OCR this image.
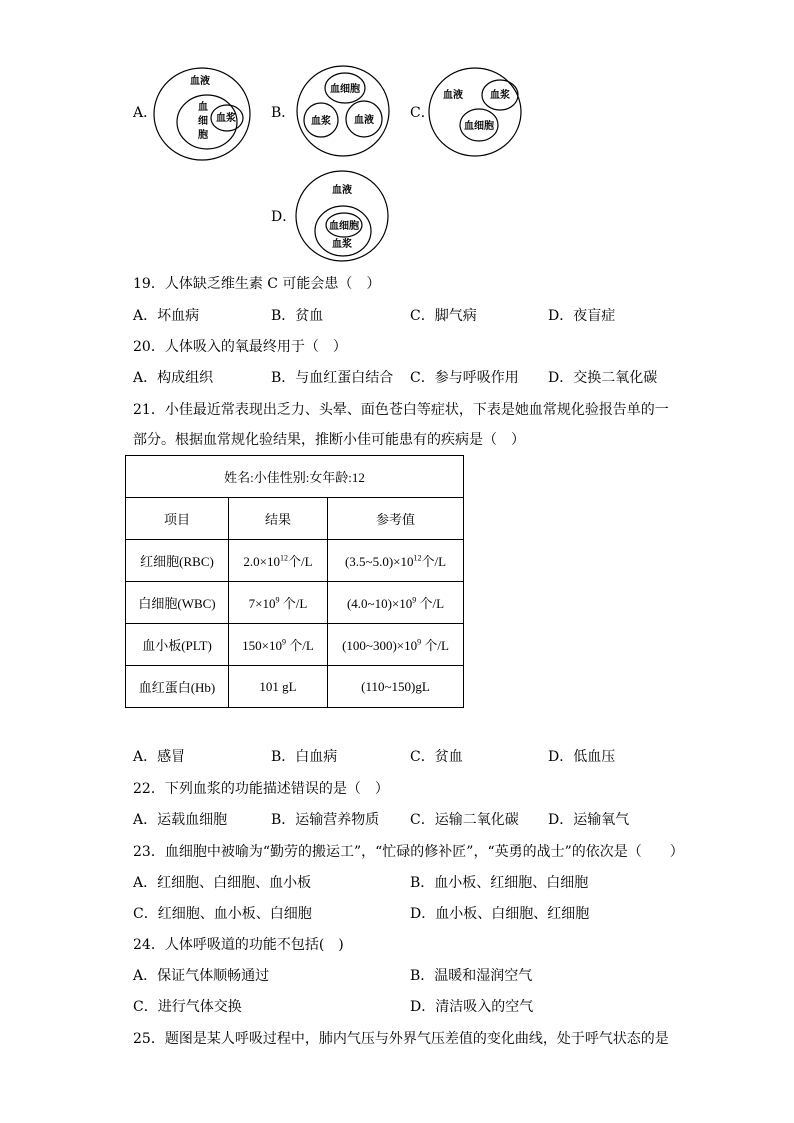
A．	B．	C．
D．
血液
血
细
胞
血浆
血细胞
血浆 血液
血液	血浆
血细胞
血液
血细胞
血浆
19．人体缺乏维生素 C 可能会患（　）
A．坏血病	B．贫血	C．脚气病	D．夜盲症
20．人体吸入的氧最终用于（　）
A．构成组织	B．与血红蛋白结合 C．参与呼吸作用 D．交换二氧化碳
21．小佳最近常表现出乏力、头晕、面色苍白等症状，下表是她血常规化验报告单的一
部分。根据血常规化验结果，推断小佳可能患有的疾病是（　）
姓名:小佳性别:女年龄:12		
项目	结果	参考值
红细胞(RBC)	$2.0\times 10^{12}$个/L	$(3.5\sim 5.0)\times 10^{12}$个/L
白细胞(WBC)	$7\times 10^9$ 个/L	$(4.0\sim 10)\times 10^9$ 个/L
血小板(PLT)	$150\times 10^9$ 个/L	$(100\sim 300)\times 10^9$ 个/L
血红蛋白(Hb)	101 gL	(110~150)gL
A．感冒	B．白血病	C．贫血	D．低血压
22．下列血浆的功能描述错误的是（　）
A．运载血细胞	B．运输营养物质 C．运输二氧化碳 D．运输氧气
23．血细胞中被喻为“勤劳的搬运工”，“忙碌的修补匠”，“英勇的战士”的依次是（　　）
A．红细胞、白细胞、血小板	B．血小板、红细胞、白细胞
C．红细胞、血小板、白细胞	D．血小板、白细胞、红细胞
24．人体呼吸道的功能不包括(　)
A．保证气体顺畅通过	B．温暖和湿润空气
C．进行气体交换	D．清洁吸入的空气
25．题图是某人呼吸过程中，肺内气压与外界气压差值的变化曲线，处于呼气状态的是
